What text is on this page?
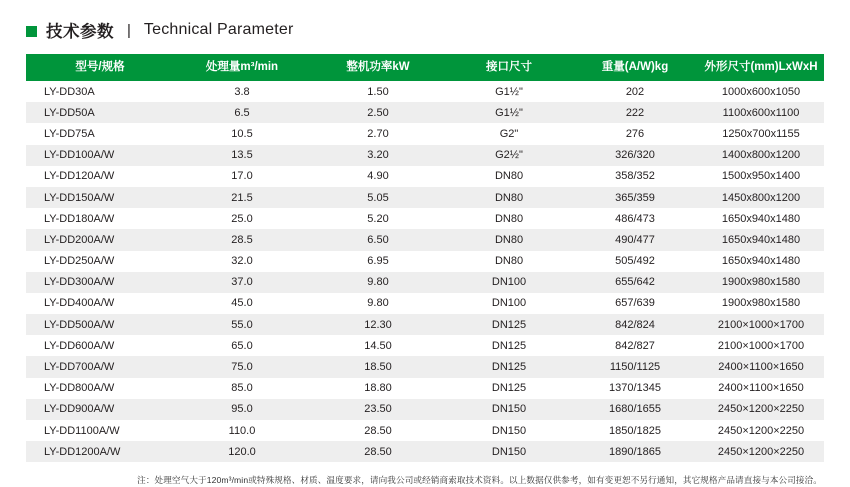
技术参数 | Technical Parameter
型号/规格	处理量m³/min	整机功率kW	接口尺寸	重量(A/W)kg	外形尺寸(mm)LxWxH
LY-DD30A	3.8	1.50	G1½"	202	1000x600x1050
LY-DD50A	6.5	2.50	G1½"	222	1100x600x1100
LY-DD75A	10.5	2.70	G2"	276	1250x700x1155
LY-DD100A/W	13.5	3.20	G2½"	326/320	1400x800x1200
LY-DD120A/W	17.0	4.90	DN80	358/352	1500x950x1400
LY-DD150A/W	21.5	5.05	DN80	365/359	1450x800x1200
LY-DD180A/W	25.0	5.20	DN80	486/473	1650x940x1480
LY-DD200A/W	28.5	6.50	DN80	490/477	1650x940x1480
LY-DD250A/W	32.0	6.95	DN80	505/492	1650x940x1480
LY-DD300A/W	37.0	9.80	DN100	655/642	1900x980x1580
LY-DD400A/W	45.0	9.80	DN100	657/639	1900x980x1580
LY-DD500A/W	55.0	12.30	DN125	842/824	2100×1000×1700
LY-DD600A/W	65.0	14.50	DN125	842/827	2100×1000×1700
LY-DD700A/W	75.0	18.50	DN125	1150/1125	2400×1100×1650
LY-DD800A/W	85.0	18.80	DN125	1370/1345	2400×1100×1650
LY-DD900A/W	95.0	23.50	DN150	1680/1655	2450×1200×2250
LY-DD1100A/W	110.0	28.50	DN150	1850/1825	2450×1200×2250
LY-DD1200A/W	120.0	28.50	DN150	1890/1865	2450×1200×2250
注：处理空气大于120m³/min或特殊规格、材质、温度要求，请向我公司或经销商索取技术资料。以上数据仅供参考，如有变更恕不另行通知，其它规格产品请直接与本公司接洽。
